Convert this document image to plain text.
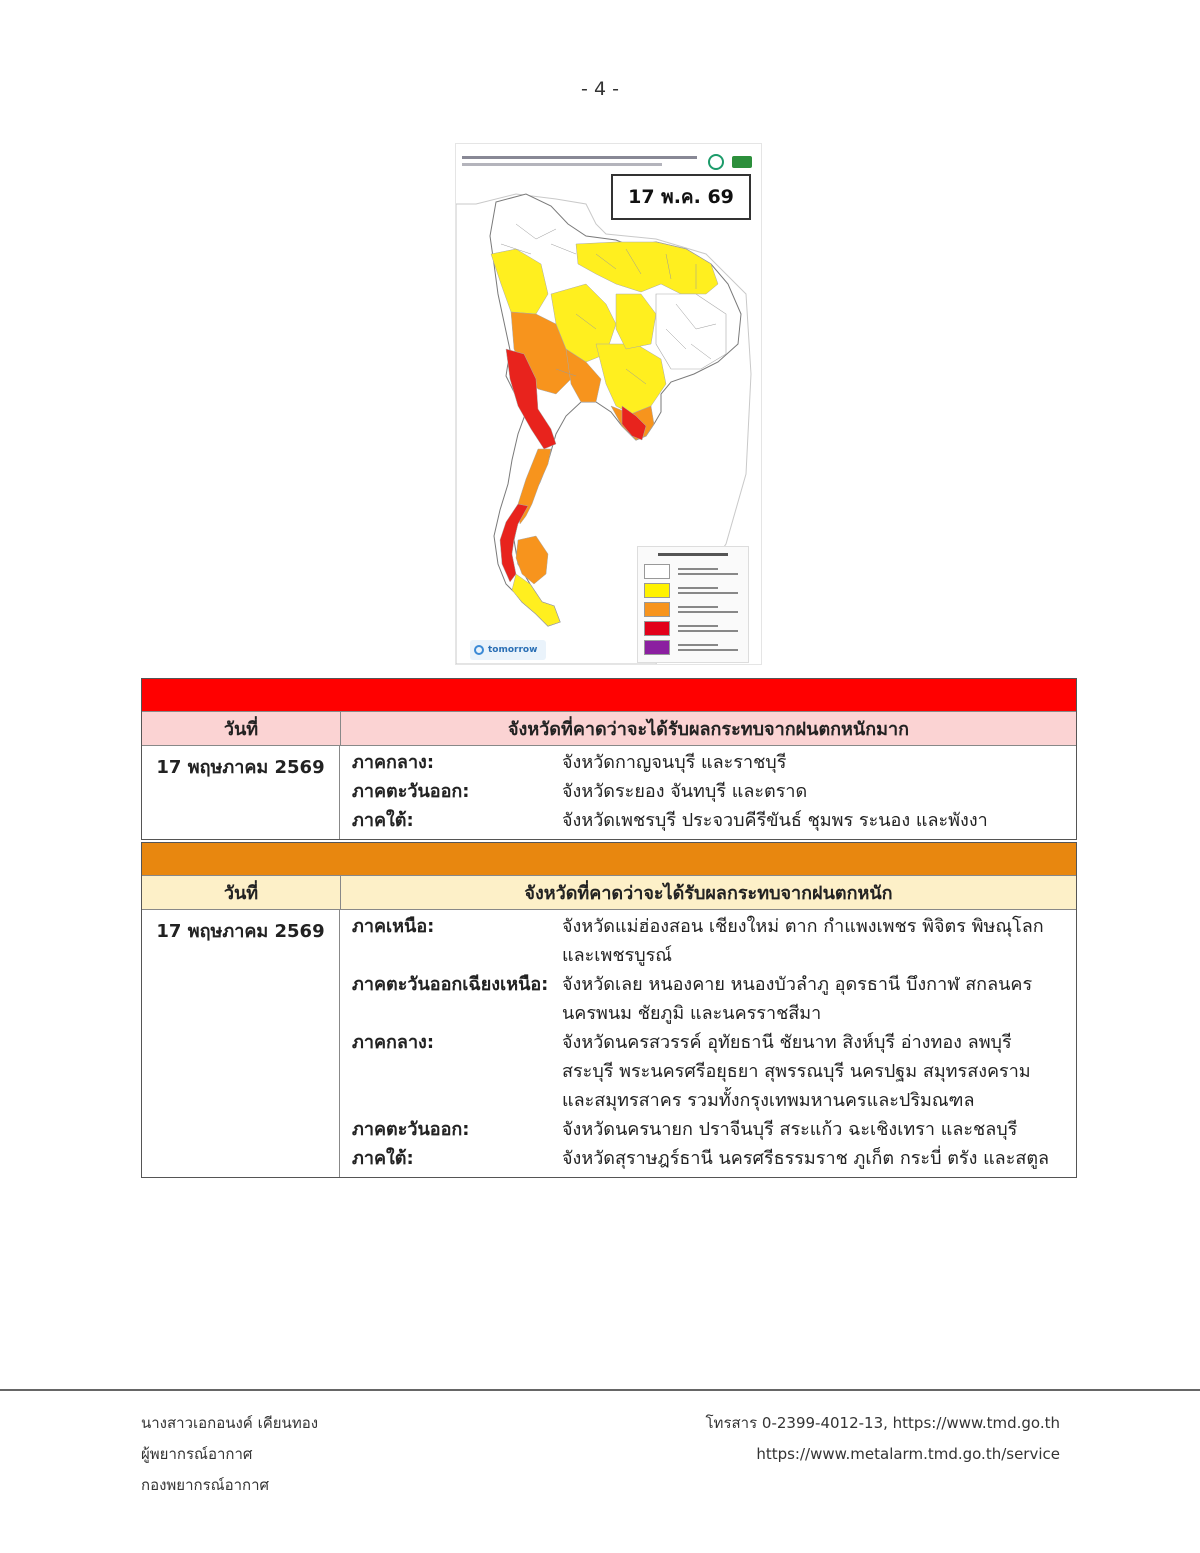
- 4 -
17 พ.ค. 69
tomorrow
วันที่	จังหวัดที่คาดว่าจะได้รับผลกระทบจากฝนตกหนักมาก
17 พฤษภาคม 2569	ภาคกลาง:	จังหวัดกาญจนบุรี และราชบุรี
ภาคตะวันออก:	จังหวัดระยอง จันทบุรี และตราด
ภาคใต้:	จังหวัดเพชรบุรี ประจวบคีรีขันธ์ ชุมพร ระนอง และพังงา
วันที่	จังหวัดที่คาดว่าจะได้รับผลกระทบจากฝนตกหนัก
17 พฤษภาคม 2569	ภาคเหนือ:	จังหวัดแม่ฮ่องสอน เชียงใหม่ ตาก กำแพงเพชร พิจิตร พิษณุโลก และเพชรบูรณ์
ภาคตะวันออกเฉียงเหนือ: จังหวัดเลย หนองคาย หนองบัวลำภู อุดรธานี บึงกาฬ สกลนคร นครพนม ชัยภูมิ และนครราชสีมา
ภาคกลาง:	จังหวัดนครสวรรค์ อุทัยธานี ชัยนาท สิงห์บุรี อ่างทอง ลพบุรี สระบุรี พระนครศรีอยุธยา สุพรรณบุรี นครปฐม สมุทรสงคราม และสมุทรสาคร รวมทั้งกรุงเทพมหานครและปริมณฑล
ภาคตะวันออก:	จังหวัดนครนายก ปราจีนบุรี สระแก้ว ฉะเชิงเทรา และชลบุรี
ภาคใต้:	จังหวัดสุราษฎร์ธานี นครศรีธรรมราช ภูเก็ต กระบี่ ตรัง และสตูล
นางสาวเอกอนงค์ เคียนทอง
ผู้พยากรณ์อากาศ
กองพยากรณ์อากาศ
โทรสาร 0-2399-4012-13, https://www.tmd.go.th
https://www.metalarm.tmd.go.th/service
